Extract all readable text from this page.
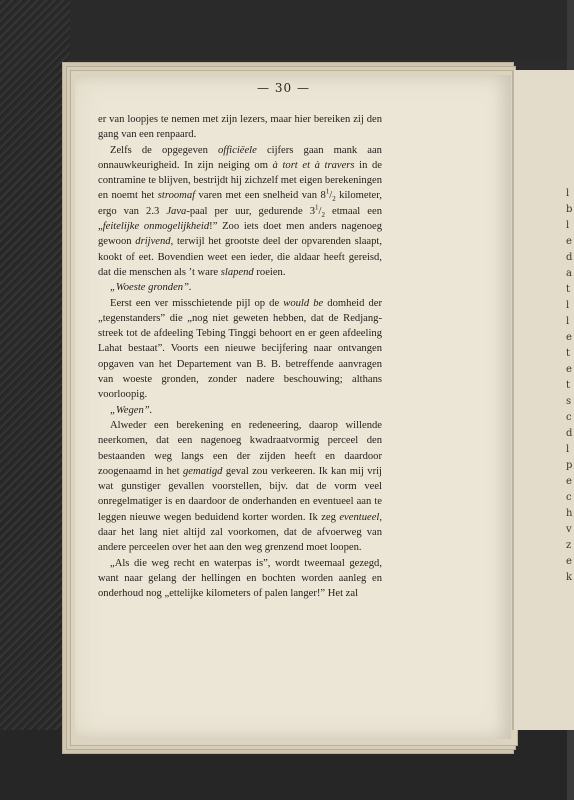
l
b
l
e
d
a
t
l
l
e
t
e
t
s
c
d
l
p
e
c
h
v
z
e
k
— 30 —

er van loopjes te nemen met zijn lezers, maar hier bereiken zij den gang van een renpaard.

Zelfs de opgegeven officiëele cijfers gaan mank aan onnauwkeurigheid. In zijn neiging om à tort et à travers in de contramine te blijven, bestrijdt hij zichzelf met eigen berekeningen en noemt het stroomaf varen met een snelheid van $8^1/_2$ kilometer, ergo van 2.3 Java-paal per uur, gedurende $3^1/_2$ etmaal een „feitelijke onmogelijkheid!” Zoo iets doet men anders nagenoeg gewoon drijvend, terwijl het grootste deel der opvarenden slaapt, kookt of eet. Bovendien weet een ieder, die aldaar heeft gereisd, dat die menschen als ’t ware slapend roeien.

„Woeste gronden”.

Eerst een ver misschietende pijl op de would be domheid der „tegenstanders” die „nog niet geweten hebben, dat de Redjang-streek tot de afdeeling Tebing Tinggi behoort en er geen afdeeling Lahat bestaat”. Voorts een nieuwe becijfering naar ontvangen opgaven van het Departement van B. B. betreffende aanvragen van woeste gronden, zonder nadere beschouwing; althans voorloopig.

„Wegen”.

Alweder een berekening en redeneering, daarop willende neerkomen, dat een nagenoeg kwadraatvormig perceel den bestaanden weg langs een der zijden heeft en daardoor zoogenaamd in het gematigd geval zou verkeeren. Ik kan mij vrij wat gunstiger gevallen voorstellen, bijv. dat de vorm veel onregelmatiger is en daardoor de onderhanden en eventueel aan te leggen nieuwe wegen beduidend korter worden. Ik zeg eventueel, daar het lang niet altijd zal voorkomen, dat de afvoerweg van andere perceelen over het aan den weg grenzend moet loopen.

„Als die weg recht en waterpas is”, wordt tweemaal gezegd, want naar gelang der hellingen en bochten worden aanleg en onderhoud nog „ettelijke kilometers of palen langer!” Het zal
